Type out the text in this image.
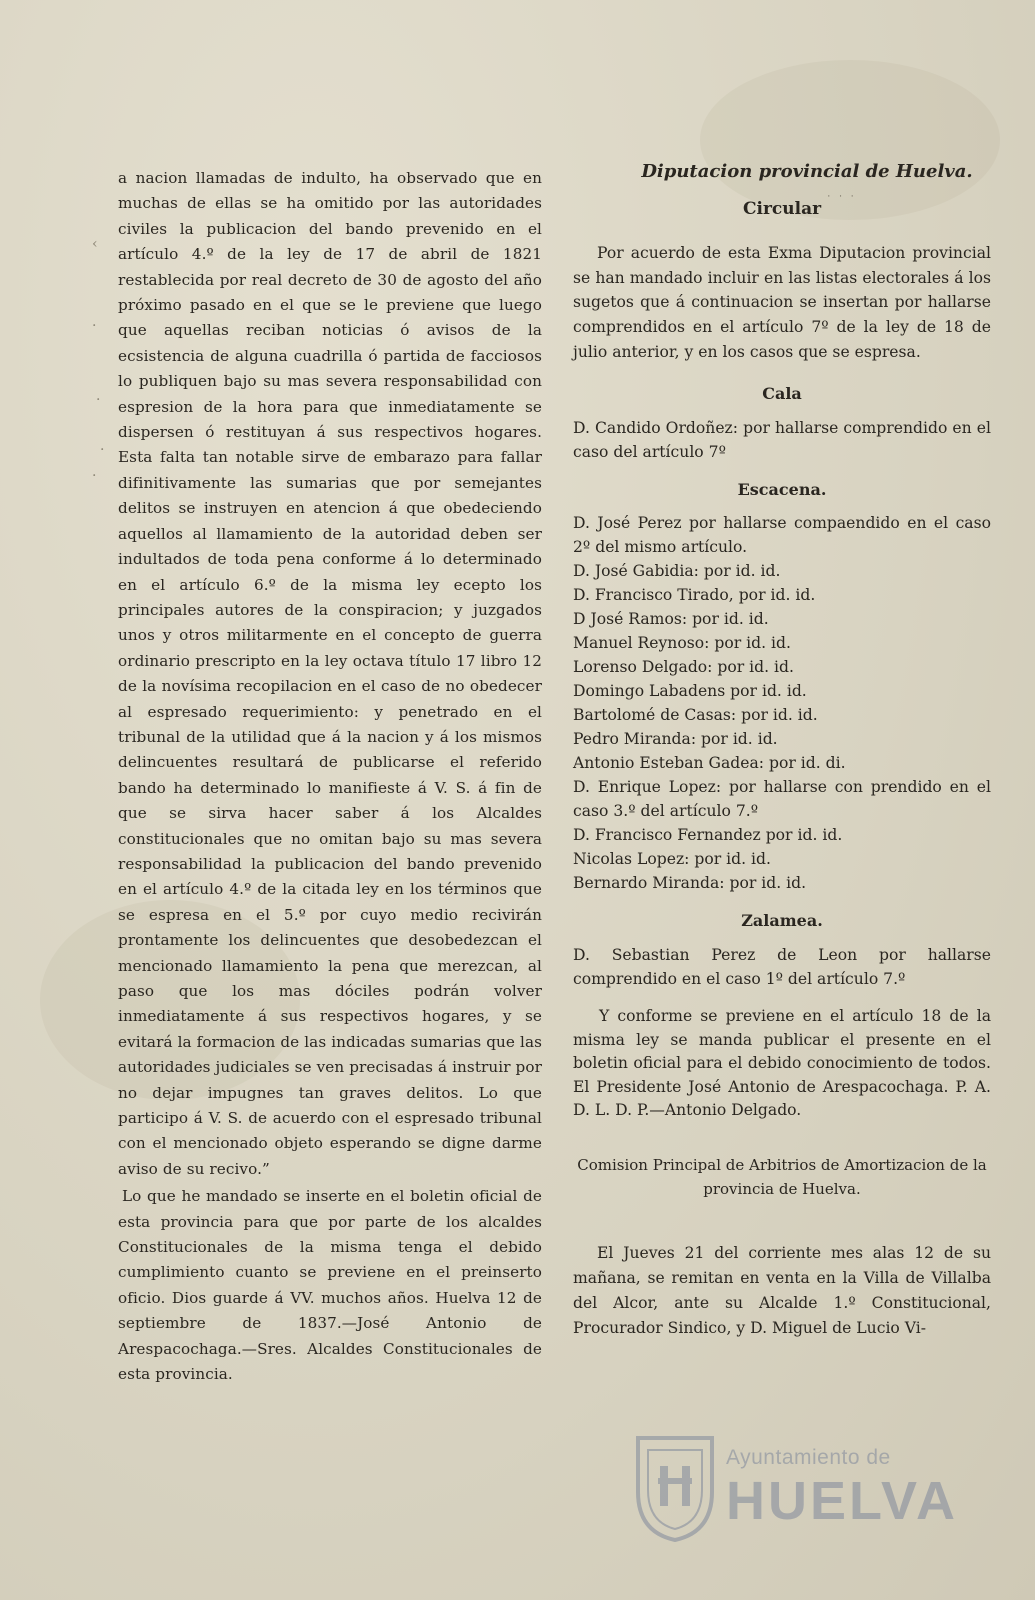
‹
·
·
·
·

a nacion llamadas de indulto, ha observado que en muchas de ellas se ha omitido por las autoridades civiles la publicacion del bando prevenido en el artículo 4.º de la ley de 17 de abril de 1821 restablecida por real decreto de 30 de agosto del año próximo pasado en el que se le previene que luego que aquellas reciban noticias ó avisos de la ecsistencia de alguna cuadrilla ó partida de facciosos lo publiquen bajo su mas severa responsabilidad con espresion de la hora para que inmediatamente se dispersen ó restituyan á sus respectivos hogares. Esta falta tan notable sirve de embarazo para fallar difinitivamente las sumarias que por semejantes delitos se instruyen en atencion á que obedeciendo aquellos al llamamiento de la autoridad deben ser indultados de toda pena conforme á lo determinado en el artículo 6.º de la misma ley ecepto los principales autores de la conspiracion; y juzgados unos y otros militarmente en el concepto de guerra ordinario prescripto en la ley octava título 17 libro 12 de la novísima recopilacion en el caso de no obedecer al espresado requerimiento: y penetrado en el tribunal de la utilidad que á la nacion y á los mismos delincuentes resultará de publicarse el referido bando ha determinado lo manifieste á V. S. á fin de que se sirva hacer saber á los Alcaldes constitucionales que no omitan bajo su mas severa responsabilidad la publicacion del bando prevenido en el artículo 4.º de la citada ley en los términos que se espresa en el 5.º por cuyo medio recivirán prontamente los delincuentes que desobedezcan el mencionado llamamiento la pena que merezcan, al paso que los mas dóciles podrán volver inmediatamente á sus respectivos hogares, y se evitará la formacion de las indicadas sumarias que las autoridades judiciales se ven precisadas á instruir por no dejar impugnes tan graves delitos. Lo que participo á V. S. de acuerdo con el espresado tribunal con el mencionado objeto esperando se digne darme aviso de su recivo.”

Lo que he mandado se inserte en el boletin oficial de esta provincia para que por parte de los alcaldes Constitucionales de la misma tenga el debido cumplimiento cuanto se previene en el preinserto oficio. Dios guarde á VV. muchos años. Huelva 12 de septiembre de 1837.—José Antonio de Arespacochaga.—Sres. Alcaldes Constitucionales de esta provincia.

Diputacion provincial de Huelva.
· · ·
Circular

Por acuerdo de esta Exma Diputacion provincial se han mandado incluir en las listas electorales á los sugetos que á continuacion se insertan por hallarse comprendidos en el artículo 7º de la ley de 18 de julio anterior, y en los casos que se espresa.

Cala
D. Candido Ordoñez: por hallarse comprendido en el caso del artículo 7º
Escacena.
D. José Perez por hallarse compaendido en el caso 2º del mismo artículo.
D. José Gabidia: por id. id.
D. Francisco Tirado, por id. id.
D José Ramos: por id. id.
Manuel Reynoso: por id. id.
Lorenso Delgado: por id. id.
Domingo Labadens por id. id.
Bartolomé de Casas: por id. id.
Pedro Miranda: por id. id.
Antonio Esteban Gadea: por id. di.
D. Enrique Lopez: por hallarse con prendido en el caso 3.º del artículo 7.º
D. Francisco Fernandez por id. id.
Nicolas Lopez: por id. id.
Bernardo Miranda: por id. id.
Zalamea.
D. Sebastian Perez de Leon por hallarse comprendido en el caso 1º del artículo 7.º

Y conforme se previene en el artículo 18 de la misma ley se manda publicar el presente en el boletin oficial para el debido conocimiento de todos. El Presidente José Antonio de Arespacochaga. P. A. D. L. D. P.—Antonio Delgado.

Comision Principal de Arbitrios de Amortizacion de la provincia de Huelva.

El Jueves 21 del corriente mes alas 12 de su mañana, se remitan en venta en la Villa de Villalba del Alcor, ante su Alcalde 1.º Constitucional, Procurador Sindico, y D. Miguel de Lucio Vi-

Ayuntamiento de
HUELVA
